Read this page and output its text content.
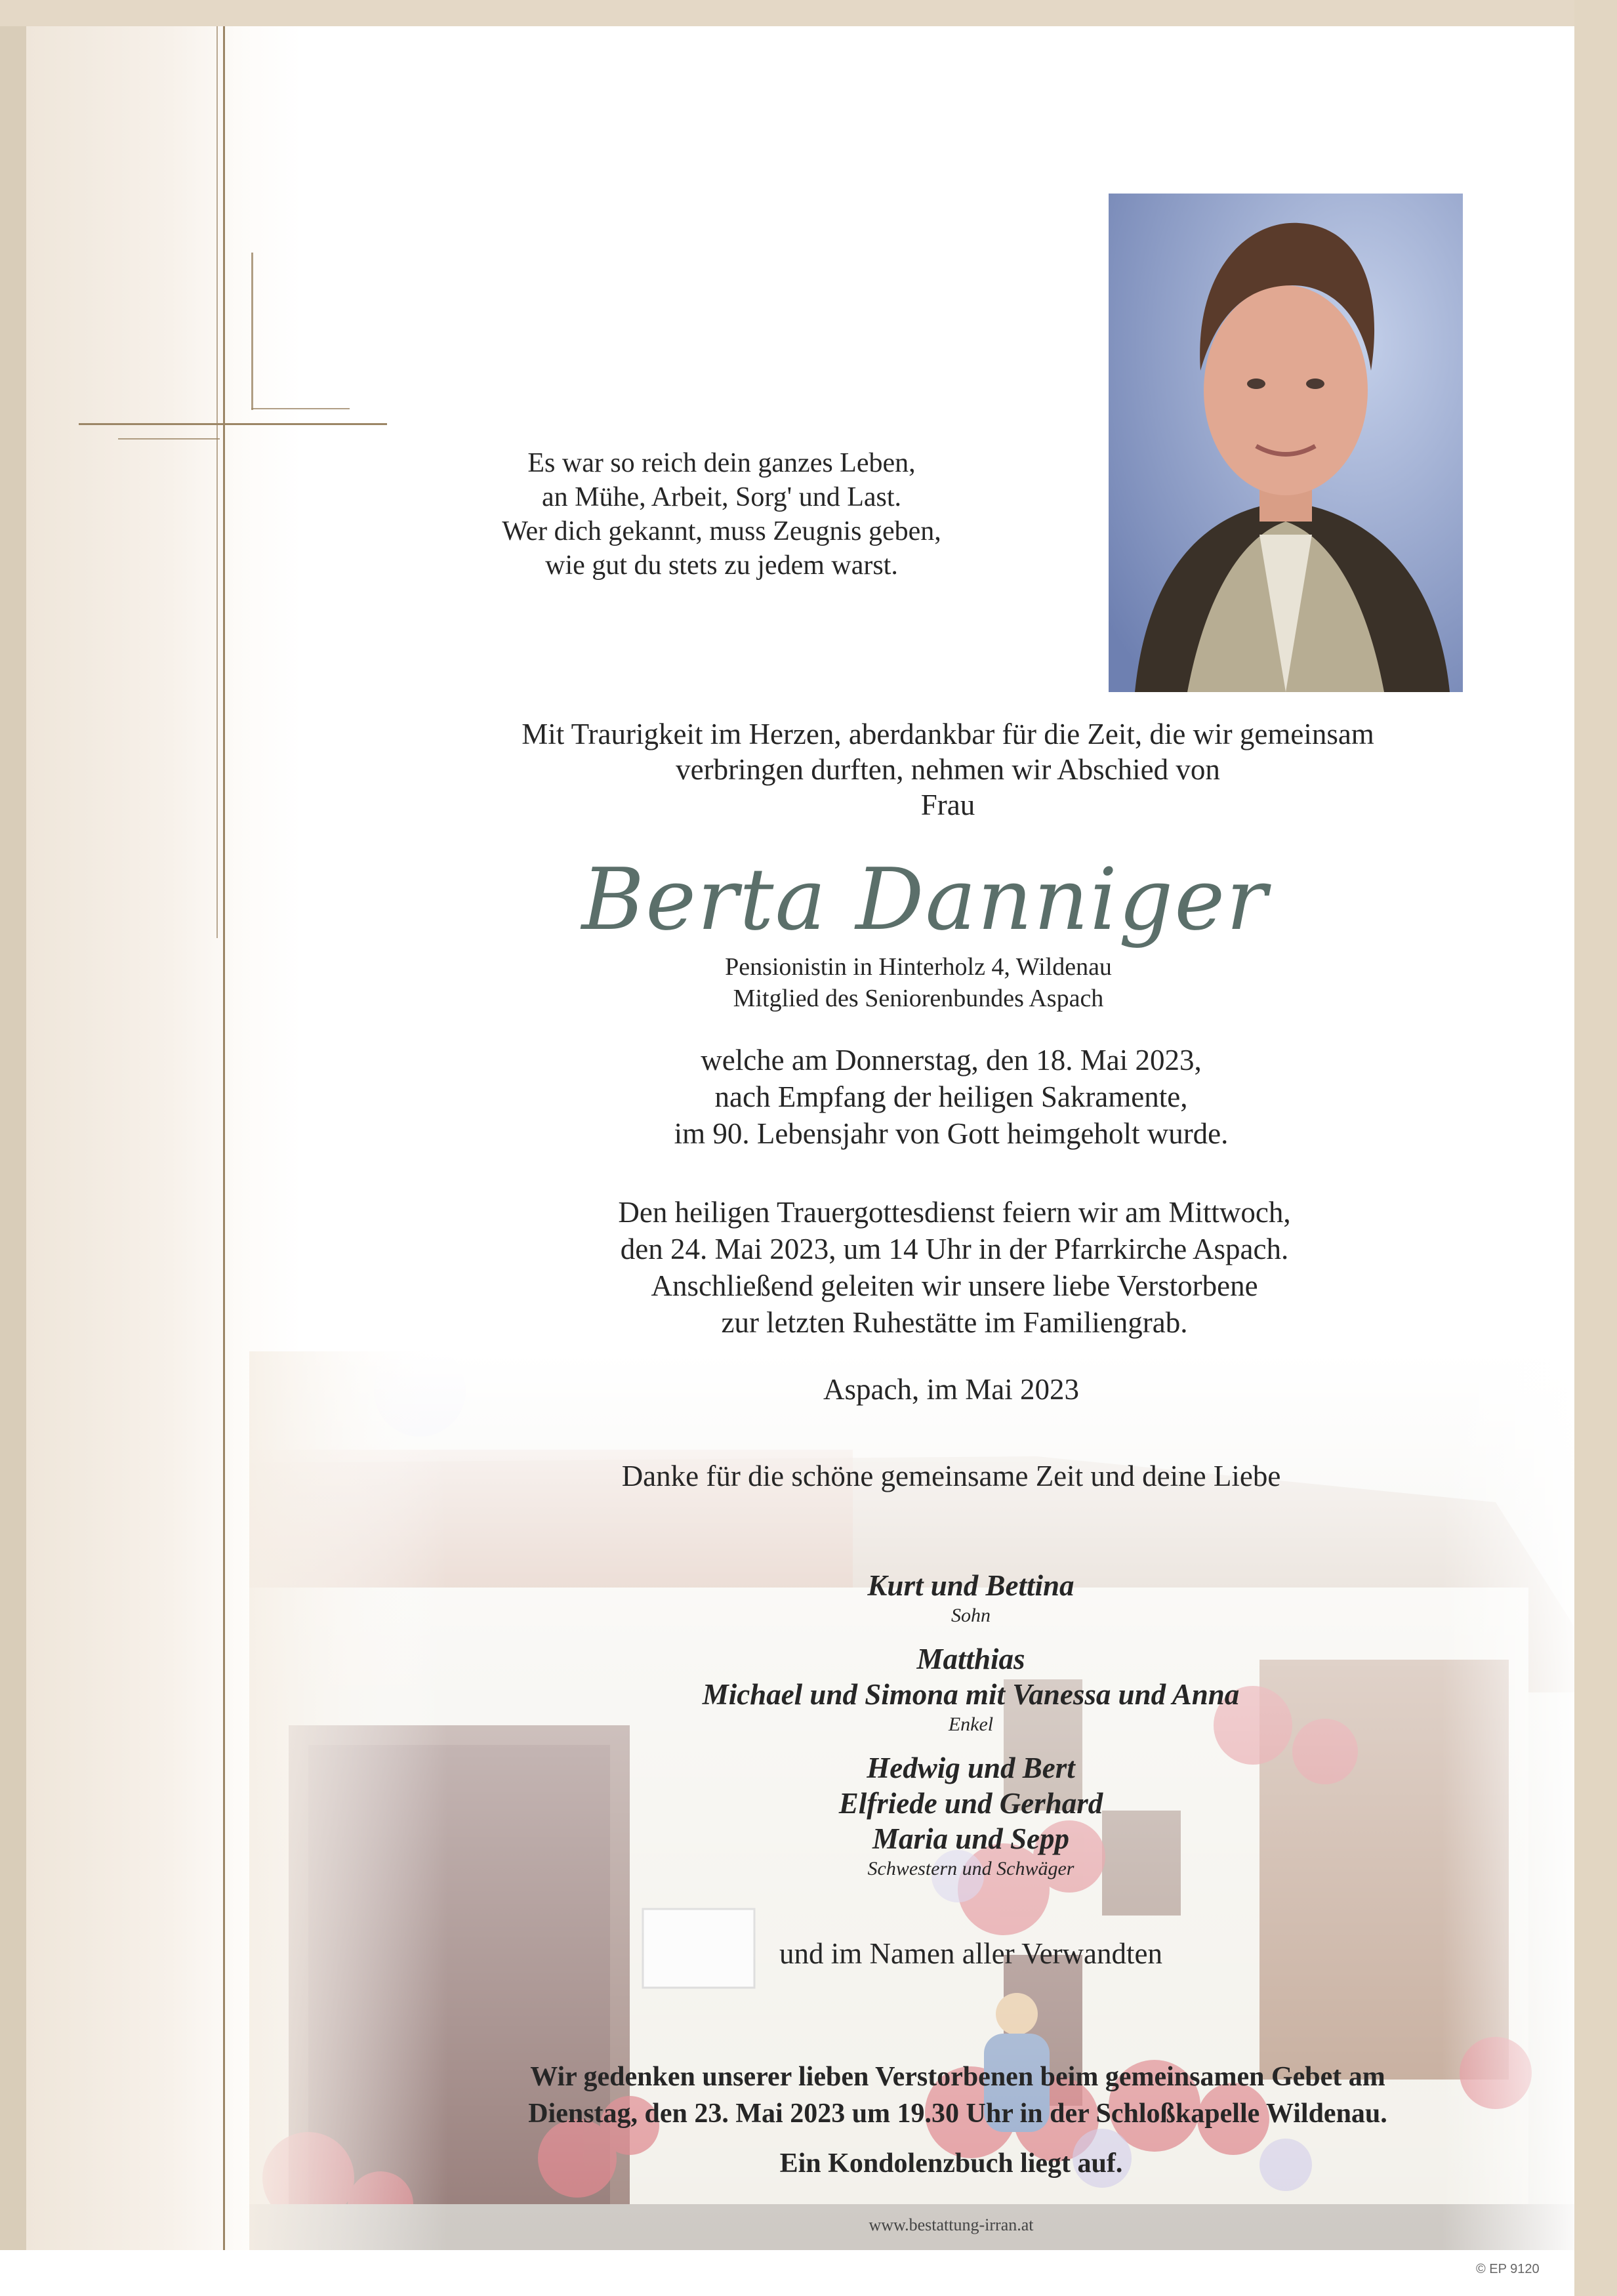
Es war so reich dein ganzes Leben,
an Mühe, Arbeit, Sorg' und Last.
Wer dich gekannt, muss Zeugnis geben,
wie gut du stets zu jedem warst.
Mit Traurigkeit im Herzen, aberdankbar für die Zeit, die wir gemeinsam
verbringen durften, nehmen wir Abschied von
Frau
Berta Danniger
Pensionistin in Hinterholz 4, Wildenau
Mitglied des Seniorenbundes Aspach
welche am Donnerstag, den 18. Mai 2023,
nach Empfang der heiligen Sakramente,
im 90. Lebensjahr von Gott heimgeholt wurde.
Den heiligen Trauergottesdienst feiern wir am Mittwoch,
den 24. Mai 2023, um 14 Uhr in der Pfarrkirche Aspach.
Anschließend geleiten wir unsere liebe Verstorbene
zur letzten Ruhestätte im Familiengrab.
Aspach, im Mai 2023
Danke für die schöne gemeinsame Zeit und deine Liebe
Kurt und Bettina
Sohn
Matthias
Michael und Simona mit Vanessa und Anna
Enkel
Hedwig und Bert
Elfriede und Gerhard
Maria und Sepp
Schwestern und Schwäger
und im Namen aller Verwandten
Wir gedenken unserer lieben Verstorbenen beim gemeinsamen Gebet am
Dienstag, den 23. Mai 2023 um 19.30 Uhr in der Schloßkapelle Wildenau.
Ein Kondolenzbuch liegt auf.
www.bestattung-irran.at
© EP 9120
